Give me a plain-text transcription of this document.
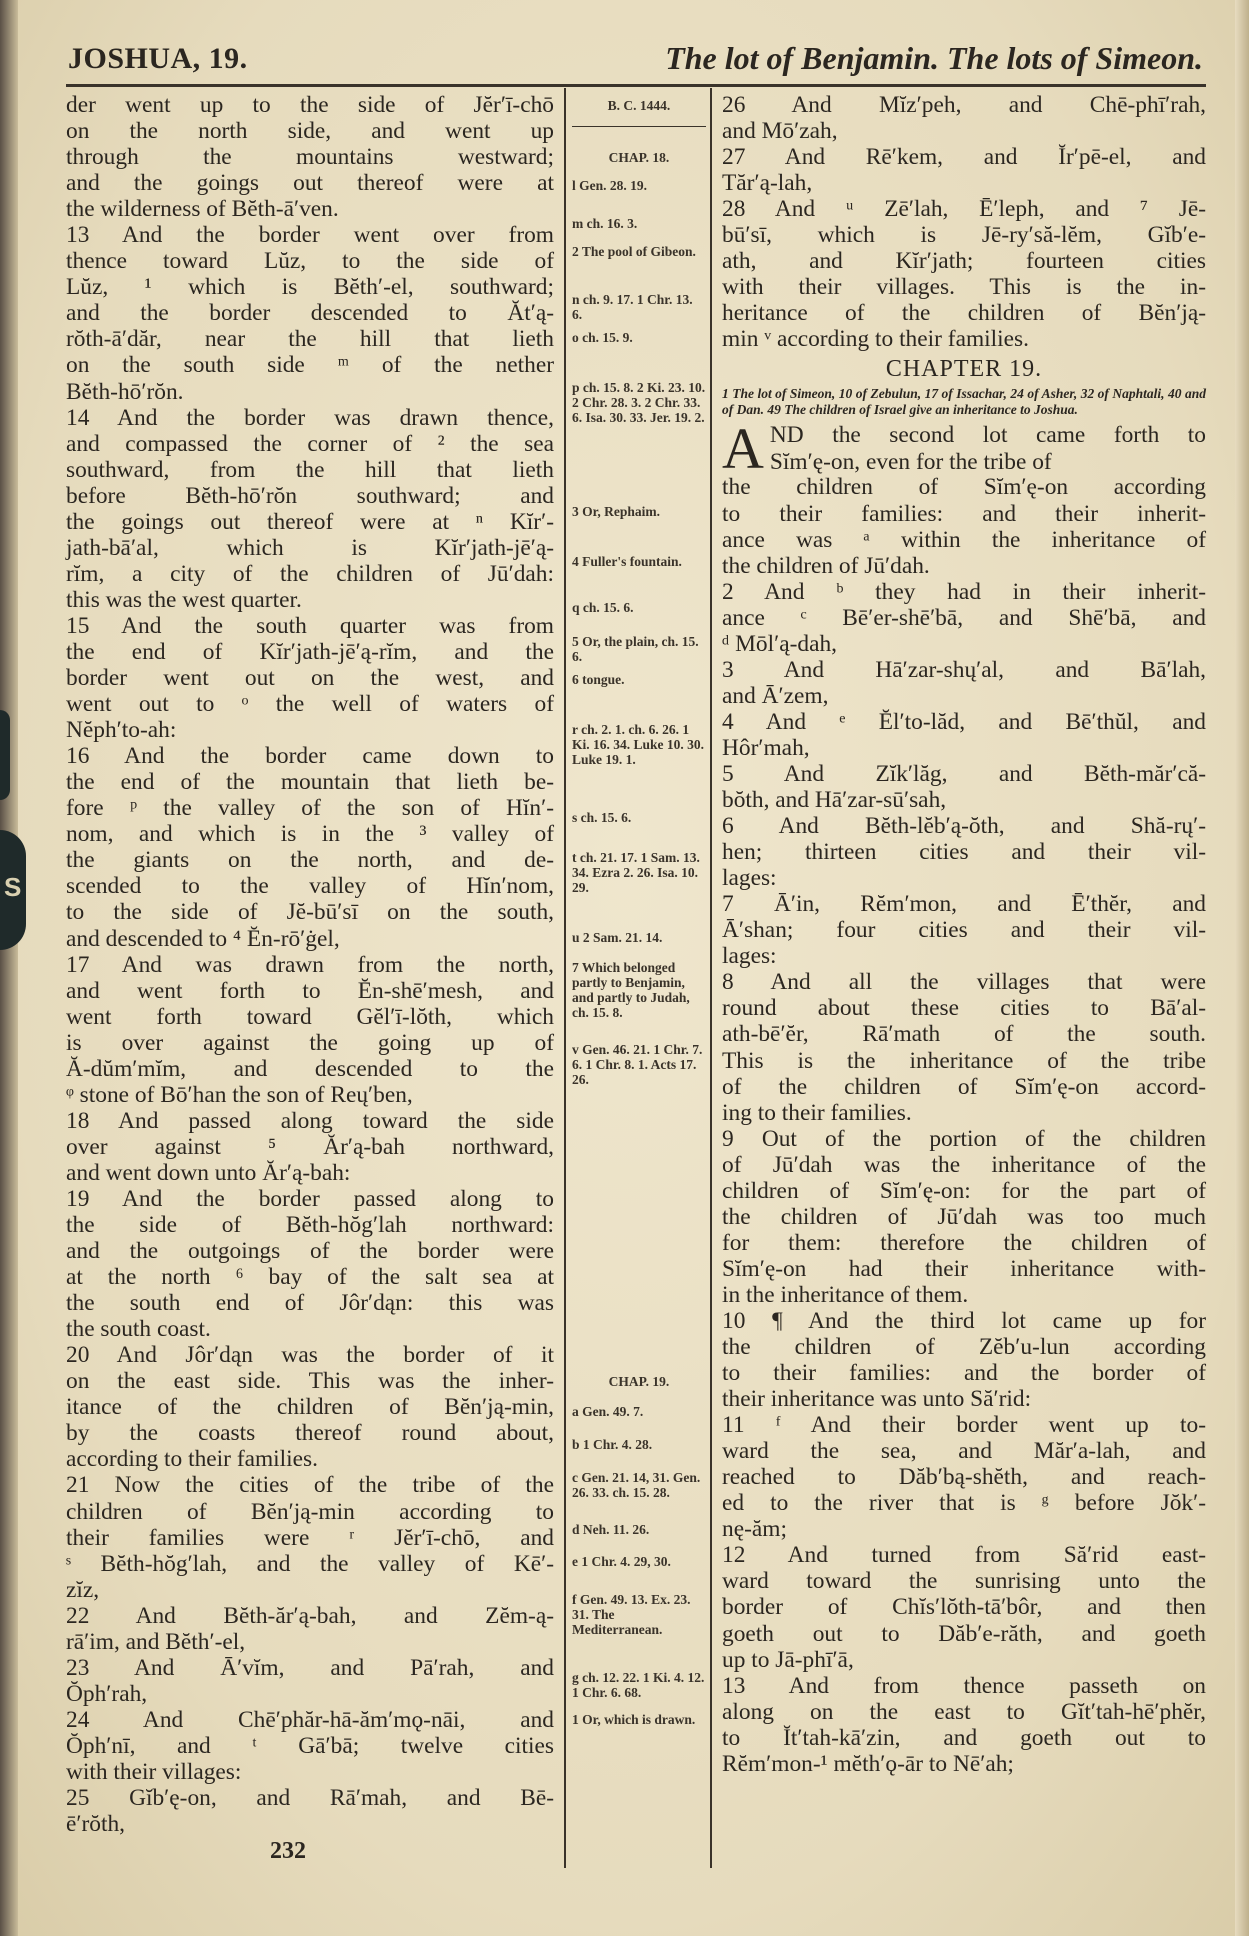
S
JOSHUA, 19.	The lot of Benjamin. The lots of Simeon.
der went up to the side of Jĕr′ī-chō
on the north side, and went up
through the mountains westward;
and the goings out thereof were at
the wilderness of Bĕth-ā′ven.
13 And the border went over from
thence toward Lŭz, to the side of
Lŭz, ¹ which is Bĕth′-el, southward;
and the border descended to Ăt′ą-
rŏth-ā′dăr, near the hill that lieth
on the south side ᵐ of the nether
Bĕth-hō′rŏn.
14 And the border was drawn thence,
and compassed the corner of ² the sea
southward, from the hill that lieth
before Bĕth-hō′rŏn southward; and
the goings out thereof were at ⁿ Kĭr′-
jath-bā′al, which is Kĭr′jath-jē′ą-
rĭm, a city of the children of Jū′dah:
this was the west quarter.
15 And the south quarter was from
the end of Kĭr′jath-jē′ą-rĭm, and the
border went out on the west, and
went out to ᵒ the well of waters of
Nĕph′to-ah:
16 And the border came down to
the end of the mountain that lieth be-
fore ᵖ the valley of the son of Hĭn′-
nom, and which is in the ³ valley of
the giants on the north, and de-
scended to the valley of Hĭn′nom,
to the side of Jĕ-bū′sī on the south,
and descended to ⁴ Ĕn-rō′ġel,
17 And was drawn from the north,
and went forth to Ĕn-shē′mesh, and
went forth toward Gĕl′ī-lŏth, which
is over against the going up of
Ă-dŭm′mĭm, and descended to the
ᵠ stone of Bō′han the son of Reų′ben,
18 And passed along toward the side
over against ⁵ Ăr′ą-bah northward,
and went down unto Ăr′ą-bah:
19 And the border passed along to
the side of Bĕth-hŏg′lah northward:
and the outgoings of the border were
at the north ⁶ bay of the salt sea at
the south end of Jôr′dąn: this was
the south coast.
20 And Jôr′dąn was the border of it
on the east side. This was the inher-
itance of the children of Bĕn′ją-min,
by the coasts thereof round about,
according to their families.
21 Now the cities of the tribe of the
children of Bĕn′ją-min according to
their families were ʳ Jĕr′ī-chō, and
ˢ Bĕth-hŏg′lah, and the valley of Kē′-
zĭz,
22 And Bĕth-ăr′ą-bah, and Zĕm-ą-
rā′im, and Bĕth′-el,
23 And Ā′vĭm, and Pā′rah, and
Ŏph′rah,
24 And Chē′phăr-hā-ăm′mǫ-nāi, and
Ŏph′nī, and ᵗ Gā′bā; twelve cities
with their villages:
25 Gĭb′ę-on, and Rā′mah, and Bē-
ē′rŏth,
B. C. 1444.
CHAP. 18.
l Gen. 28. 19.
m ch. 16. 3.
2 The pool of Gibeon.
n ch. 9. 17. 1 Chr. 13. 6.
o ch. 15. 9.
p ch. 15. 8. 2 Ki. 23. 10. 2 Chr. 28. 3. 2 Chr. 33. 6. Isa. 30. 33. Jer. 19. 2.
3 Or, Rephaim.
4 Fuller's fountain.
q ch. 15. 6.
5 Or, the plain, ch. 15. 6.
6 tongue.
r ch. 2. 1. ch. 6. 26. 1 Ki. 16. 34. Luke 10. 30. Luke 19. 1.
s ch. 15. 6.
t ch. 21. 17. 1 Sam. 13. 34. Ezra 2. 26. Isa. 10. 29.
u 2 Sam. 21. 14.
7 Which belonged partly to Benjamin, and partly to Judah, ch. 15. 8.
v Gen. 46. 21. 1 Chr. 7. 6. 1 Chr. 8. 1. Acts 17. 26.
CHAP. 19.
a Gen. 49. 7.
b 1 Chr. 4. 28.
c Gen. 21. 14, 31. Gen. 26. 33. ch. 15. 28.
d Neh. 11. 26.
e 1 Chr. 4. 29, 30.
f Gen. 49. 13. Ex. 23. 31. The Mediterranean.
g ch. 12. 22. 1 Ki. 4. 12. 1 Chr. 6. 68.
1 Or, which is drawn.
26 And Mĭz′peh, and Chē-phī′rah,
and Mō′zah,
27 And Rē′kem, and Ĭr′pē-el, and
Tăr′ą-lah,
28 And ᵘ Zē′lah, Ē′leph, and ⁷ Jē-
bū′sī, which is Jē-ry′să-lĕm, Gĭb′e-
ath, and Kĭr′jath; fourteen cities
with their villages. This is the in-
heritance of the children of Bĕn′ją-
min ᵛ according to their families.
CHAPTER 19.
1 The lot of Simeon, 10 of Zebulun, 17 of Issachar, 24 of Asher, 32 of Naphtali, 40 and of Dan. 49 The children of Israel give an inheritance to Joshua.
A ND the second lot came forth to
Sĭm′ę-on, even for the tribe of
the children of Sĭm′ę-on according
to their families: and their inherit-
ance was ᵃ within the inheritance of
the children of Jū′dah.
2 And ᵇ they had in their inherit-
ance ᶜ Bē′er-shē′bā, and Shē′bā, and
ᵈ Mōl′ą-dah,
3 And Hā′zar-shų′al, and Bā′lah,
and Ā′zem,
4 And ᵉ Ĕl′to-lăd, and Bē′thŭl, and
Hôr′mah,
5 And Zĭk′lăg, and Bĕth-măr′că-
bŏth, and Hā′zar-sū′sah,
6 And Bĕth-lĕb′ą-ŏth, and Shă-rų′-
hen; thirteen cities and their vil-
lages:
7 Ā′in, Rĕm′mon, and Ē′thĕr, and
Ā′shan; four cities and their vil-
lages:
8 And all the villages that were
round about these cities to Bā′al-
ath-bē′ĕr, Rā′math of the south.
This is the inheritance of the tribe
of the children of Sĭm′ę-on accord-
ing to their families.
9 Out of the portion of the children
of Jū′dah was the inheritance of the
children of Sĭm′ę-on: for the part of
the children of Jū′dah was too much
for them: therefore the children of
Sĭm′ę-on had their inheritance with-
in the inheritance of them.
10 ¶ And the third lot came up for
the children of Zĕb′u-lun according
to their families: and the border of
their inheritance was unto Să′rid:
11 ᶠ And their border went up to-
ward the sea, and Măr′a-lah, and
reached to Dăb′bą-shĕth, and reach-
ed to the river that is ᵍ before Jŏk′-
nę-ăm;
12 And turned from Să′rid east-
ward toward the sunrising unto the
border of Chĭs′lŏth-tā′bôr, and then
goeth out to Dăb′e-răth, and goeth
up to Jā-phī′ā,
13 And from thence passeth on
along on the east to Gĭt′tah-hē′phĕr,
to Ĭt′tah-kā′zin, and goeth out to
Rĕm′mon-¹ mĕth′ǫ-ār to Nē′ah;
232
